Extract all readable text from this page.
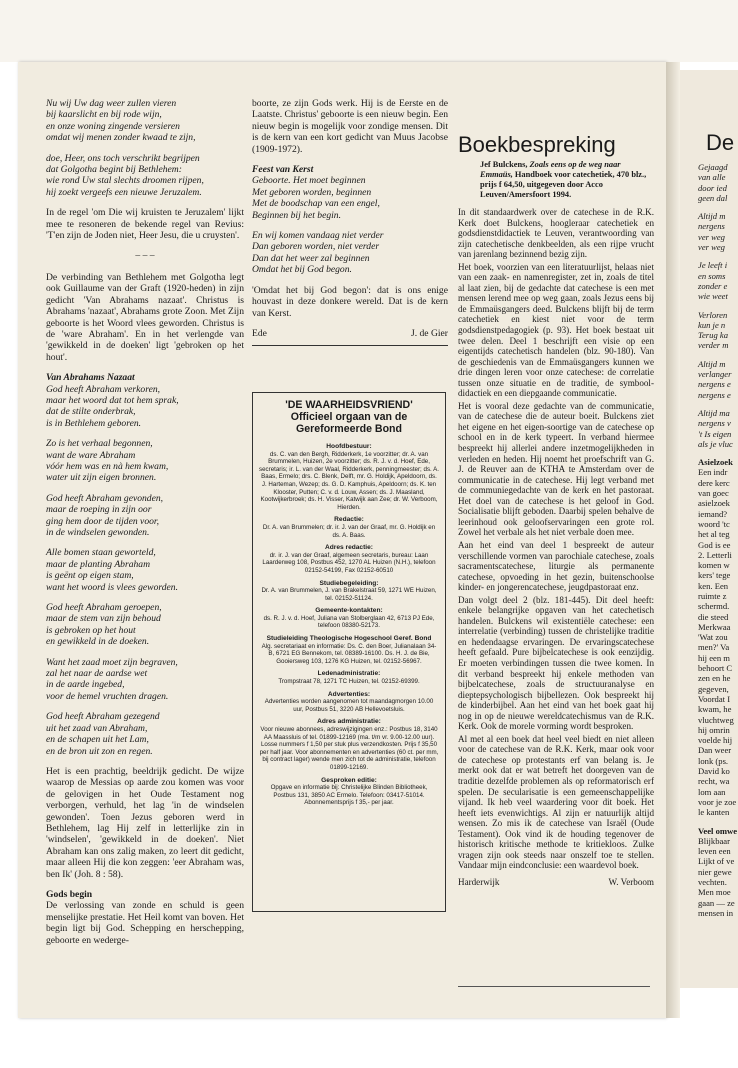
Nu wij Uw dag weer zullen vieren
bij kaarslicht en bij rode wijn,
en onze woning zingende versieren
omdat wij menen zonder kwaad te zijn,
doe, Heer, ons toch verschrikt begrijpen
dat Golgotha begint bij Bethlehem:
wie rond Uw stal slechts droomen rijpen,
hij zoekt vergeefs een nieuwe Jeruzalem.

In de regel 'om Die wij kruisten te Jeruzalem' lijkt mee te resoneren de bekende regel van Revius: 'T'en zijn de Joden niet, Heer Jesu, die u cruysten'.

– – –

De verbinding van Bethlehem met Golgotha legt ook Guillaume van der Graft (1920-heden) in zijn gedicht 'Van Abrahams nazaat'. Christus is Abrahams 'nazaat', Abrahams grote Zoon. Met Zijn geboorte is het Woord vlees geworden. Christus is de 'ware Abraham'. En in het verlengde van 'gewikkeld in de doeken' ligt 'gebroken op het hout'.

Van Abrahams Nazaat
God heeft Abraham verkoren,
maar het woord dat tot hem sprak,
dat de stilte onderbrak,
is in Bethlehem geboren.
Zo is het verhaal begonnen,
want de ware Abraham
vóór hem was en nà hem kwam,
water uit zijn eigen bronnen.
God heeft Abraham gevonden,
maar de roeping in zijn oor
ging hem door de tijden voor,
in de windselen gewonden.
Alle bomen staan geworteld,
maar de planting Abraham
is geënt op eigen stam,
want het woord is vlees geworden.
God heeft Abraham geroepen,
maar de stem van zijn behoud
is gebroken op het hout
en gewikkeld in de doeken.
Want het zaad moet zijn begraven,
zal het naar de aardse wet
in de aarde ingebed,
voor de hemel vruchten dragen.
God heeft Abraham gezegend
uit het zaad van Abraham,
en de schapen uit het Lam,
en de bron uit zon en regen.

Het is een prachtig, beeldrijk gedicht. De wijze waarop de Messias op aarde zou komen was voor de gelovigen in het Oude Testament nog verborgen, verhuld, het lag 'in de windselen gewonden'. Toen Jezus geboren werd in Bethlehem, lag Hij zelf in letterlijke zin in 'windselen', 'gewikkeld in de doeken'. Niet Abraham kan ons zalig maken, zo leert dit gedicht, maar alleen Hij die kon zeggen: 'eer Abraham was, ben Ik' (Joh. 8 : 58).

Gods begin

De verlossing van zonde en schuld is geen menselijke prestatie. Het Heil komt van boven. Het begin ligt bij God. Schepping en herschepping, geboorte en wederge-

boorte, ze zijn Gods werk. Hij is de Eerste en de Laatste. Christus' geboorte is een nieuw begin. Een nieuw begin is mogelijk voor zondige mensen. Dit is de kern van een kort gedicht van Muus Jacobse (1909-1972).

Feest van Kerst
Geboorte. Het moet beginnen
Met geboren worden, beginnen
Met de boodschap van een engel,
Beginnen bij het begin.
En wij komen vandaag niet verder
Dan geboren worden, niet verder
Dan dat het weer zal beginnen
Omdat het bij God begon.

'Omdat het bij God begon': dat is ons enige houvast in deze donkere wereld. Dat is de kern van Kerst.

Ede	J. de Gier
'DE WAARHEIDSVRIEND'
Officieel orgaan van de Gereformeerde Bond
Hoofdbestuur:
ds. C. van den Bergh, Ridderkerk, 1e voorzitter; dr. A. van Brummelen, Huizen, 2e voorzitter; ds. R. J. v. d. Hoef, Ede, secretaris; ir. L. van der Waal, Ridderkerk, penningmeester; ds. A. Baas, Ermelo; drs. C. Blenk, Delft, mr. G. Holdijk, Apeldoorn, ds. J. Harteman, Wezep; ds. G. D. Kamphuis, Apeldoorn; ds. K. ten Klooster, Putten; C. v. d. Louw, Assen; ds. J. Maasland, Kootwijkerbroek; ds. H. Visser, Katwijk aan Zee; dr. W. Verboom, Hierden.
Redactie:
Dr. A. van Brummelen; dr. ir. J. van der Graaf, mr. G. Holdijk en ds. A. Baas.
Adres redactie:
dr. ir. J. van der Graaf, algemeen secretaris, bureau: Laan Laarderweg 108, Postbus 452, 1270 AL Huizen (N.H.), telefoon 02152-54199, Fax 02152-60510
Studiebegeleiding:
Dr. A. van Brummelen, J. van Brakelstraat 59, 1271 WE Huizen, tel. 02152-51124.
Gemeente-kontakten:
ds. R. J. v. d. Hoef, Juliana van Stolberglaan 42, 6713 PJ Ede, telefoon 08380-52173.
Studieleiding Theologische Hogeschool Geref. Bond
Alg. secretariaat en informatie: Ds. C. den Boer, Julianalaan 34-B, 6721 EG Bennekom, tel. 08389-16100. Ds. H. J. de Bie, Gooiersweg 103, 1276 KG Huizen, tel. 02152-56967.
Ledenadministratie:
Trompstraat 78, 1271 TC Huizen, tel. 02152-69399.
Advertenties:
Advertenties worden aangenomen tot maandagmorgen 10.00 uur, Postbus 51, 3220 AB Hellevoetsluis.
Adres administratie:
Voor nieuwe abonnees, adreswijzigingen enz.: Postbus 18, 3140 AA Maassluis of tel. 01899-12169 (ma. t/m vr. 9.00-12.00 uur). Losse nummers f 1,50 per stuk plus verzendkosten. Prijs f 35,50 per half jaar. Voor abonnementen en advertenties (60 ct. per mm, bij contract lager) wende men zich tot de administratie, telefoon 01899-12169.
Gesproken editie:
Opgave en informatie bij: Christelijke Blinden Bibliotheek, Postbus 131, 3850 AC Ermelo. Telefoon: 03417-51014. Abonnementsprijs f 35,- per jaar.
Boekbespreking
Jef Bulckens, Zoals eens op de weg naar Emmaüs, Handboek voor catechetiek, 470 blz., prijs f 64,50, uitgegeven door Acco Leuven/Amersfoort 1994.

In dit standaardwerk over de catechese in de R.K. Kerk doet Bulckens, hoogleraar catechetiek en godsdienstdidactiek te Leuven, verantwoording van zijn catechetische denkbeelden, als een rijpe vrucht van jarenlang bezinnend bezig zijn.

Het boek, voorzien van een literatuurlijst, helaas niet van een zaak- en namenregister, zet in, zoals de titel al laat zien, bij de gedachte dat catechese is een met mensen lerend mee op weg gaan, zoals Jezus eens bij de Emmaüsgangers deed. Bulckens blijft bij de term catechetiek en kiest niet voor de term godsdienstpedagogiek (p. 93). Het boek bestaat uit twee delen. Deel 1 beschrijft een visie op een eigentijds catechetisch handelen (blz. 90-180). Van de geschiedenis van de Emmaüsgangers kunnen we drie dingen leren voor onze catechese: de correlatie tussen onze situatie en de traditie, de symbool-didactiek en een diepgaande communicatie.

Het is vooral deze gedachte van de communicatie, van de catechese die de auteur boeit. Bulckens ziet het eigene en het eigen-soortige van de catechese op school en in de kerk typeert. In verband hiermee bespreekt hij allerlei andere inzetmogelijkheden in verleden en heden. Hij noemt het proefschrift van G. J. de Reuver aan de KTHA te Amsterdam over de communicatie in de catechese. Hij legt verband met de communiegedachte van de kerk en het pastoraat. Het doel van de catechese is het geloof in God. Socialisatie blijft geboden. Daarbij spelen behalve de leerinhoud ook geloofservaringen een grote rol. Zowel het verbale als het niet verbale doen mee.

Aan het eind van deel 1 bespreekt de auteur verschillende vormen van parochiale catechese, zoals sacramentscatechese, liturgie als permanente catechese, opvoeding in het gezin, buitenschoolse kinder- en jongerencatechese, jeugdpastoraat enz.

Dan volgt deel 2 (blz. 181-445). Dit deel heeft: enkele belangrijke opgaven van het catechetisch handelen. Bulckens wil existentiële catechese: een interrelatie (verbinding) tussen de christelijke traditie en hedendaagse ervaringen. De ervaringscatechese heeft gefaald. Pure bijbelcatechese is ook eenzijdig. Er moeten verbindingen tussen die twee komen. In dit verband bespreekt hij enkele methoden van bijbelcatechese, zoals de structuuranalyse en dieptepsychologisch bijbellezen. Ook bespreekt hij de kinderbijbel. Aan het eind van het boek gaat hij nog in op de nieuwe wereldcatechismus van de R.K. Kerk. Ook de morele vorming wordt besproken.

Al met al een boek dat heel veel biedt en niet alleen voor de catechese van de R.K. Kerk, maar ook voor de catechese op protestants erf van belang is. Je merkt ook dat er wat betreft het doorgeven van de traditie dezelfde problemen als op reformatorisch erf spelen. De secularisatie is een gemeenschappelijke vijand. Ik heb veel waardering voor dit boek. Het heeft iets evenwichtigs. Al zijn er natuurlijk altijd wensen. Zo mis ik de catechese van Israël (Oude Testament). Ook vind ik de houding tegenover de historisch kritische methode te kritiekloos. Zulke vragen zijn ook steeds naar onszelf toe te stellen. Vandaar mijn eindconclusie: een waardevol boek.

Harderwijk	W. Verboom
De
Gejaagd
van alle
door ied
geen dal
Altijd m
nergens
ver weg
ver weg
Je leeft i
en soms
zonder e
wie weet
Verloren
kun je n
Terug ka
verder m
Altijd m
verlanger
nergens e
nergens e
Altijd ma
nergens v
't Is eigen
als je vluc
Asielzoek
Een indr
dere kerc
van goec
asielzoek
iemand?
woord 'tc
het al teg
God is ee
2. Letterli
komen w
kers' tege
ken. Een
ruimte z
schermd.
die steed
Merkwaa
'Wat zou
men?' Va
hij een m
behoort C
zen en he
gegeven,
Voordat I
kwam, he
vluchtweg
hij omrin
voelde hij
Dan weer
lonk (ps.
David ko
recht, wa
lom aan
voor je zoe
le kanten
Veel omwe
Blijkbaar
leven een
Lijkt of ve
nier gewe
vechten.
Men moe
gaan — ze
mensen in
